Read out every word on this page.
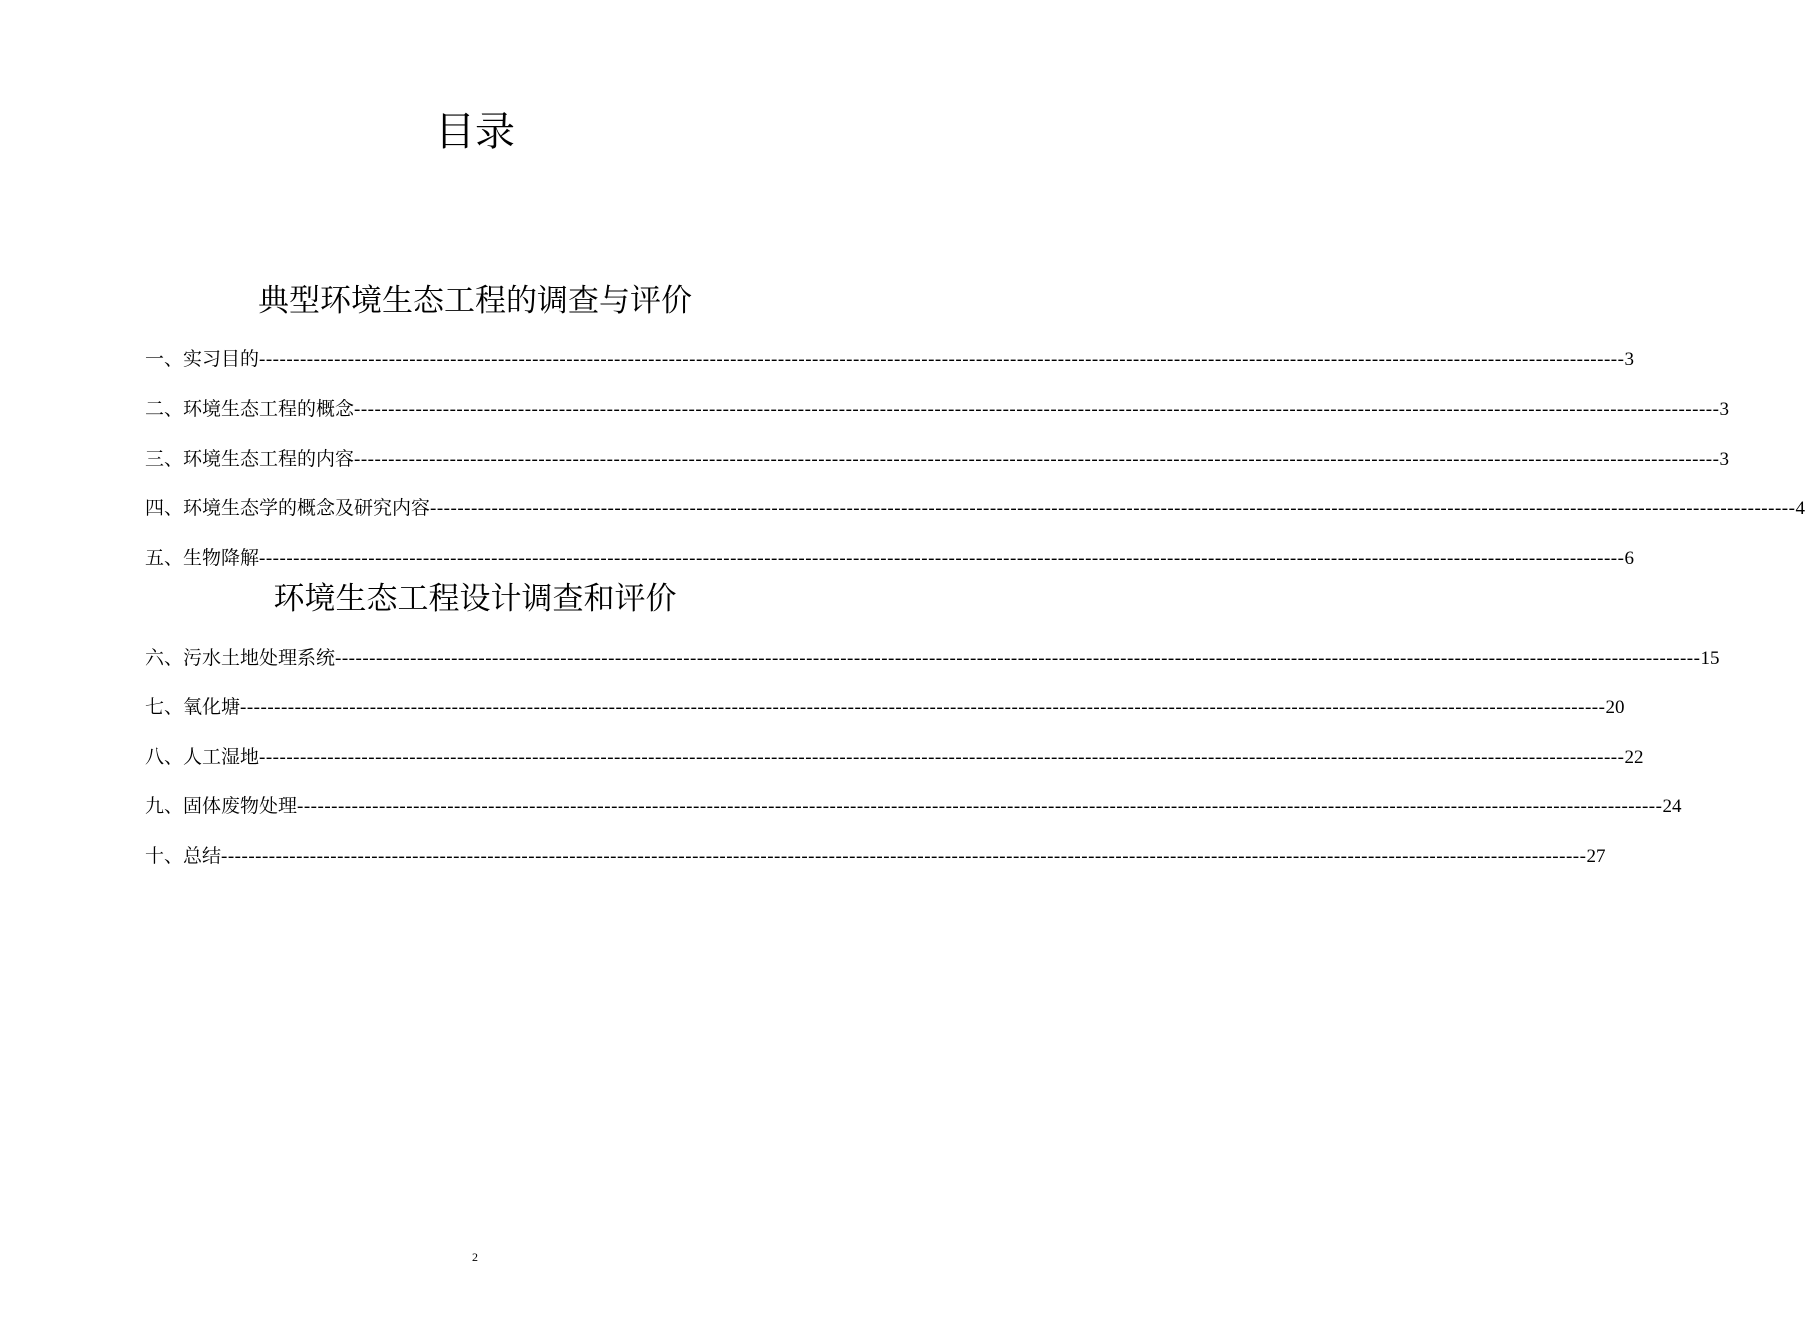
目录
典型环境生态工程的调查与评价
一、实习目的 -------------------------------------------------------------------------------------------------------------------------------------------------------------------------------------------------------- 3
二、环境生态工程的概念 -------------------------------------------------------------------------------------------------------------------------------------------------------------------------------------------------------- 3
三、环境生态工程的内容 -------------------------------------------------------------------------------------------------------------------------------------------------------------------------------------------------------- 3
四、环境生态学的概念及研究内容 -------------------------------------------------------------------------------------------------------------------------------------------------------------------------------------------------------- 4
五、生物降解 -------------------------------------------------------------------------------------------------------------------------------------------------------------------------------------------------------- 6
环境生态工程设计调查和评价
六、污水土地处理系统 -------------------------------------------------------------------------------------------------------------------------------------------------------------------------------------------------------- 15
七、氧化塘 -------------------------------------------------------------------------------------------------------------------------------------------------------------------------------------------------------- 20
八、人工湿地 -------------------------------------------------------------------------------------------------------------------------------------------------------------------------------------------------------- 22
九、固体废物处理 -------------------------------------------------------------------------------------------------------------------------------------------------------------------------------------------------------- 24
十、总结 -------------------------------------------------------------------------------------------------------------------------------------------------------------------------------------------------------- 27
2
